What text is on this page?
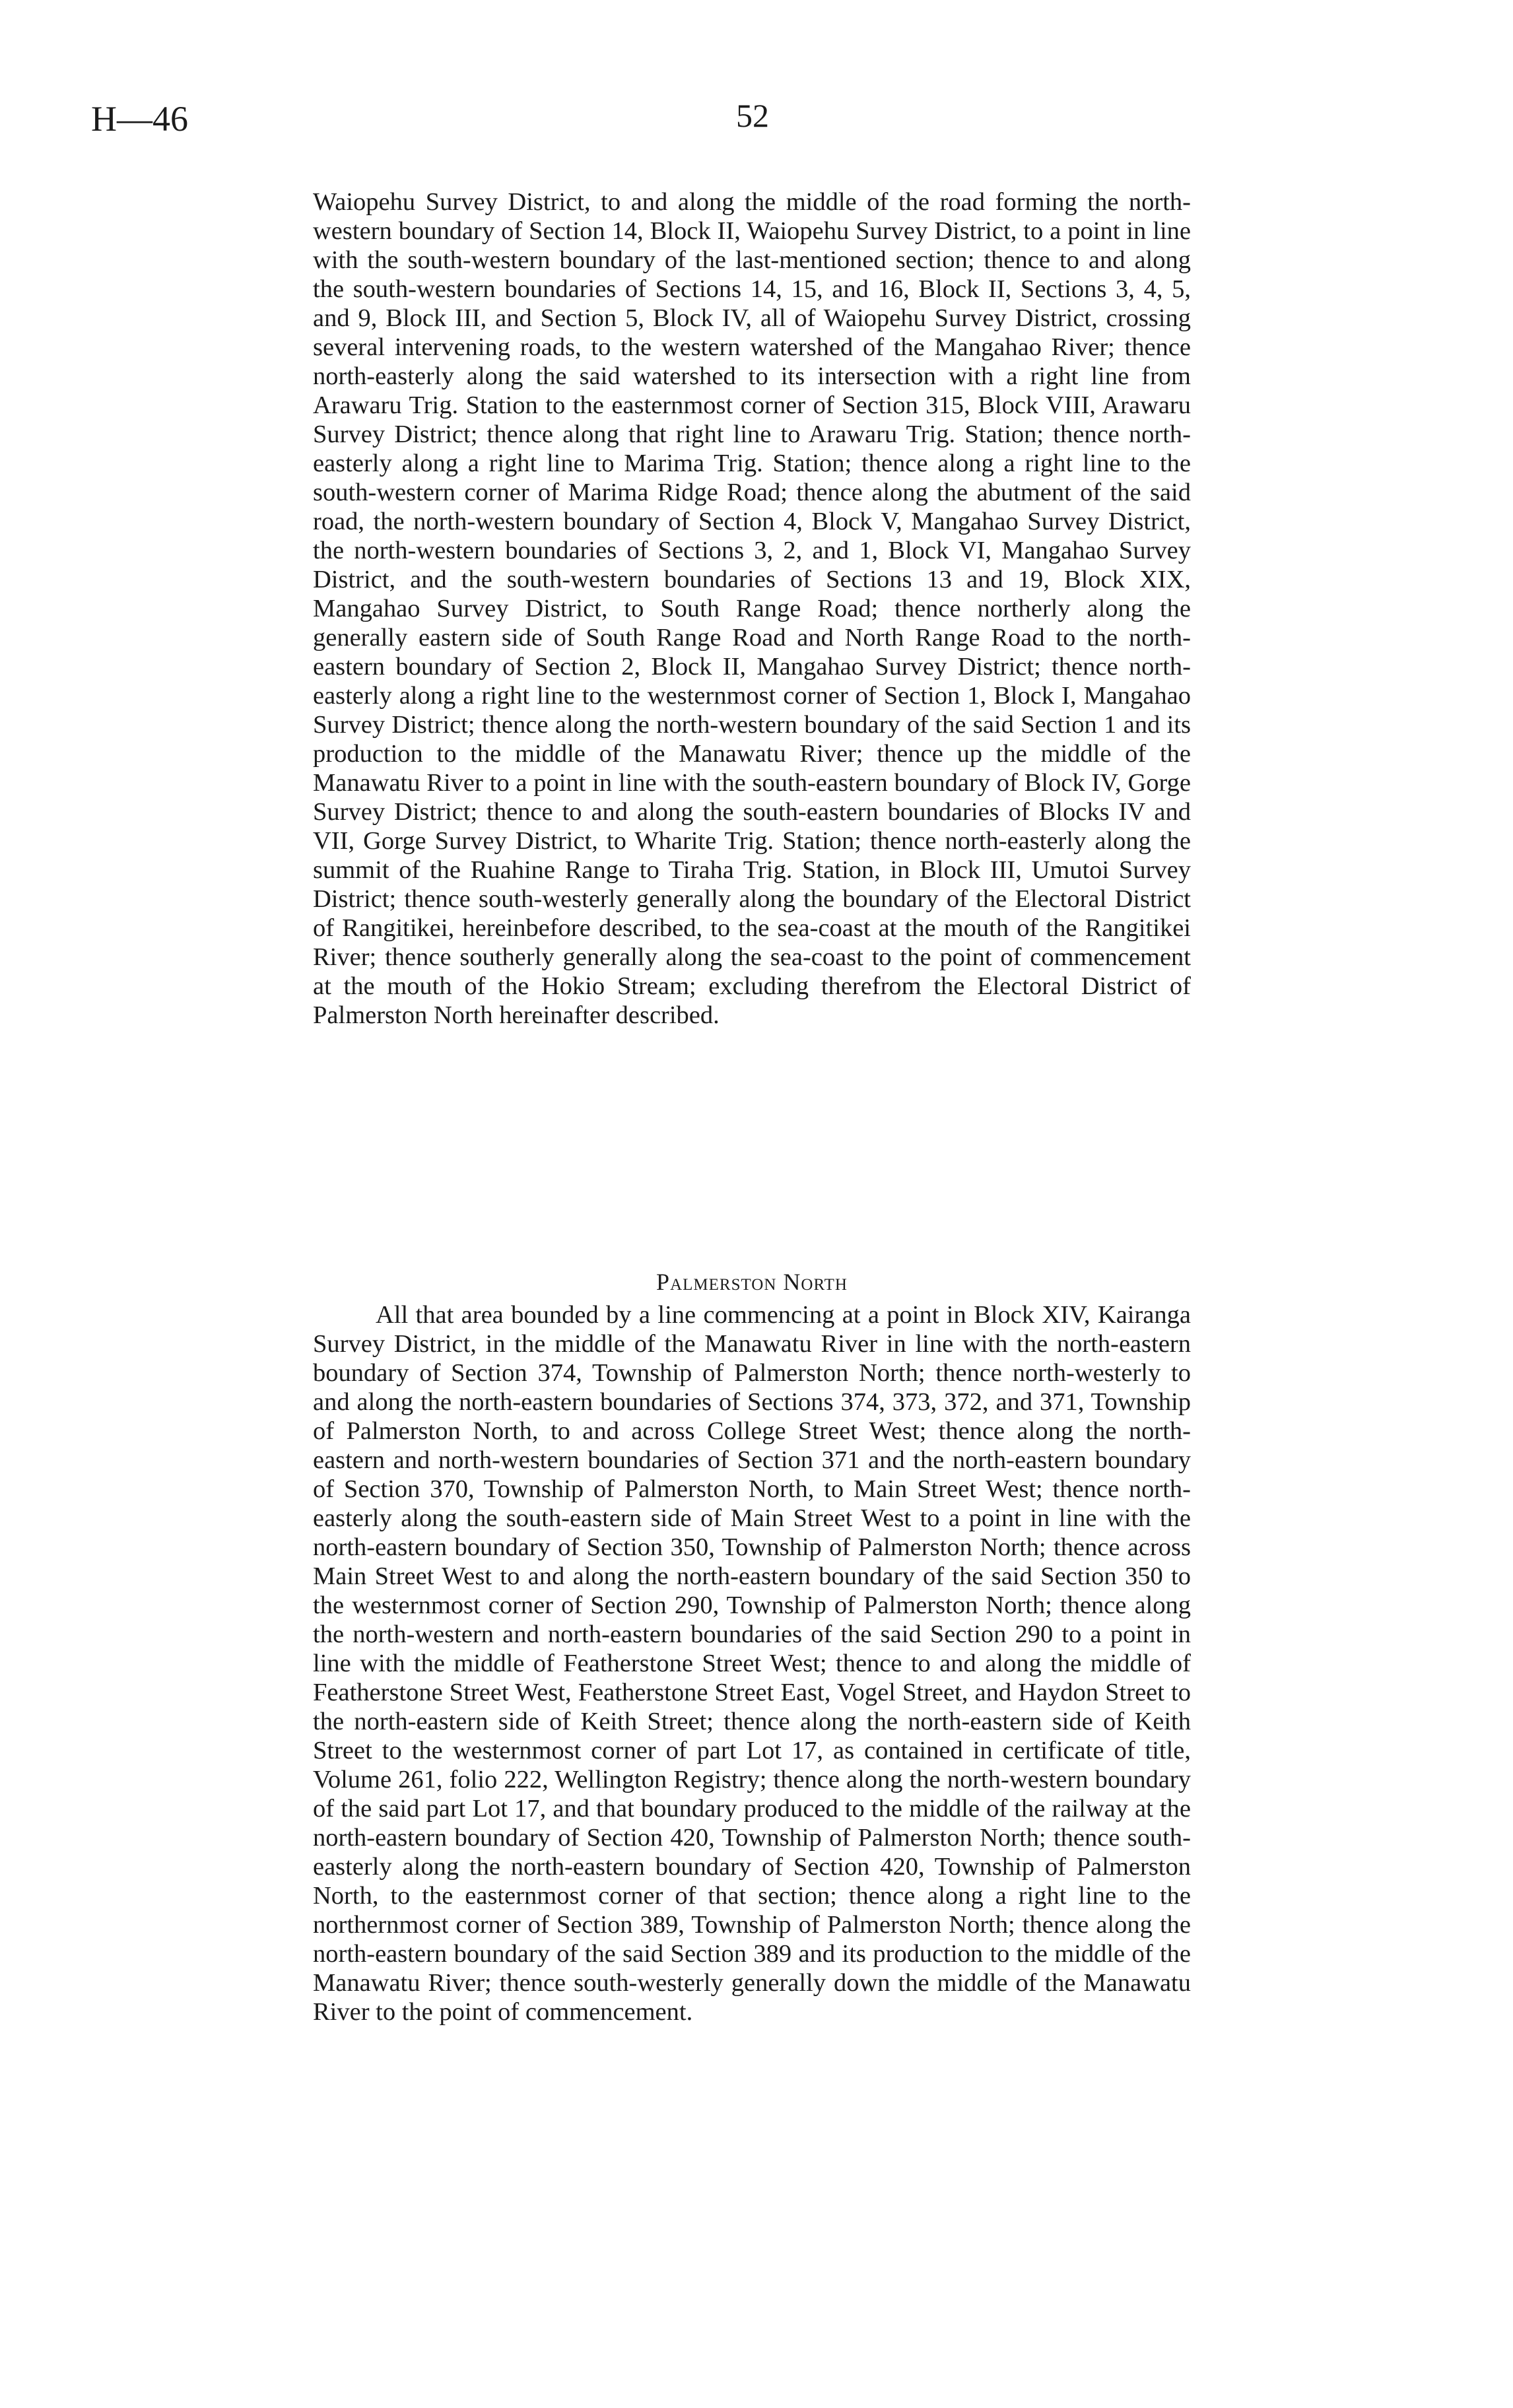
H—46	52
Waiopehu Survey District, to and along the middle of the road forming the north-western boundary of Section 14, Block II, Waiopehu Survey District, to a point in line with the south-western boundary of the last-mentioned section; thence to and along the south-western boundaries of Sections 14, 15, and 16, Block II, Sections 3, 4, 5, and 9, Block III, and Section 5, Block IV, all of Waiopehu Survey District, crossing several intervening roads, to the western watershed of the Mangahao River; thence north-easterly along the said watershed to its intersection with a right line from Arawaru Trig. Station to the easternmost corner of Section 315, Block VIII, Arawaru Survey District; thence along that right line to Arawaru Trig. Station; thence north-easterly along a right line to Marima Trig. Station; thence along a right line to the south-western corner of Marima Ridge Road; thence along the abutment of the said road, the north-western boundary of Section 4, Block V, Mangahao Survey District, the north-western boundaries of Sections 3, 2, and 1, Block VI, Mangahao Survey District, and the south-western boundaries of Sections 13 and 19, Block XIX, Mangahao Survey District, to South Range Road; thence northerly along the generally eastern side of South Range Road and North Range Road to the north-eastern boundary of Section 2, Block II, Mangahao Survey District; thence north-easterly along a right line to the westernmost corner of Section 1, Block I, Mangahao Survey District; thence along the north-western boundary of the said Section 1 and its production to the middle of the Manawatu River; thence up the middle of the Manawatu River to a point in line with the south-eastern boundary of Block IV, Gorge Survey District; thence to and along the south-eastern boundaries of Blocks IV and VII, Gorge Survey District, to Wharite Trig. Station; thence north-easterly along the summit of the Ruahine Range to Tiraha Trig. Station, in Block III, Umutoi Survey District; thence south-westerly generally along the boundary of the Electoral District of Rangitikei, hereinbefore described, to the sea-coast at the mouth of the Rangitikei River; thence southerly generally along the sea-coast to the point of commencement at the mouth of the Hokio Stream; excluding therefrom the Electoral District of Palmerston North hereinafter described.
Palmerston North
All that area bounded by a line commencing at a point in Block XIV, Kairanga Survey District, in the middle of the Manawatu River in line with the north-eastern boundary of Section 374, Township of Palmerston North; thence north-westerly to and along the north-eastern boundaries of Sections 374, 373, 372, and 371, Township of Palmerston North, to and across College Street West; thence along the north-eastern and north-western boundaries of Section 371 and the north-eastern boundary of Section 370, Township of Palmerston North, to Main Street West; thence north-easterly along the south-eastern side of Main Street West to a point in line with the north-eastern boundary of Section 350, Township of Palmerston North; thence across Main Street West to and along the north-eastern boundary of the said Section 350 to the westernmost corner of Section 290, Township of Palmerston North; thence along the north-western and north-eastern boundaries of the said Section 290 to a point in line with the middle of Featherstone Street West; thence to and along the middle of Featherstone Street West, Featherstone Street East, Vogel Street, and Haydon Street to the north-eastern side of Keith Street; thence along the north-eastern side of Keith Street to the westernmost corner of part Lot 17, as contained in certificate of title, Volume 261, folio 222, Wellington Registry; thence along the north-western boundary of the said part Lot 17, and that boundary produced to the middle of the railway at the north-eastern boundary of Section 420, Township of Palmerston North; thence south-easterly along the north-eastern boundary of Section 420, Township of Palmerston North, to the easternmost corner of that section; thence along a right line to the northernmost corner of Section 389, Township of Palmerston North; thence along the north-eastern boundary of the said Section 389 and its production to the middle of the Manawatu River; thence south-westerly generally down the middle of the Manawatu River to the point of commencement.
